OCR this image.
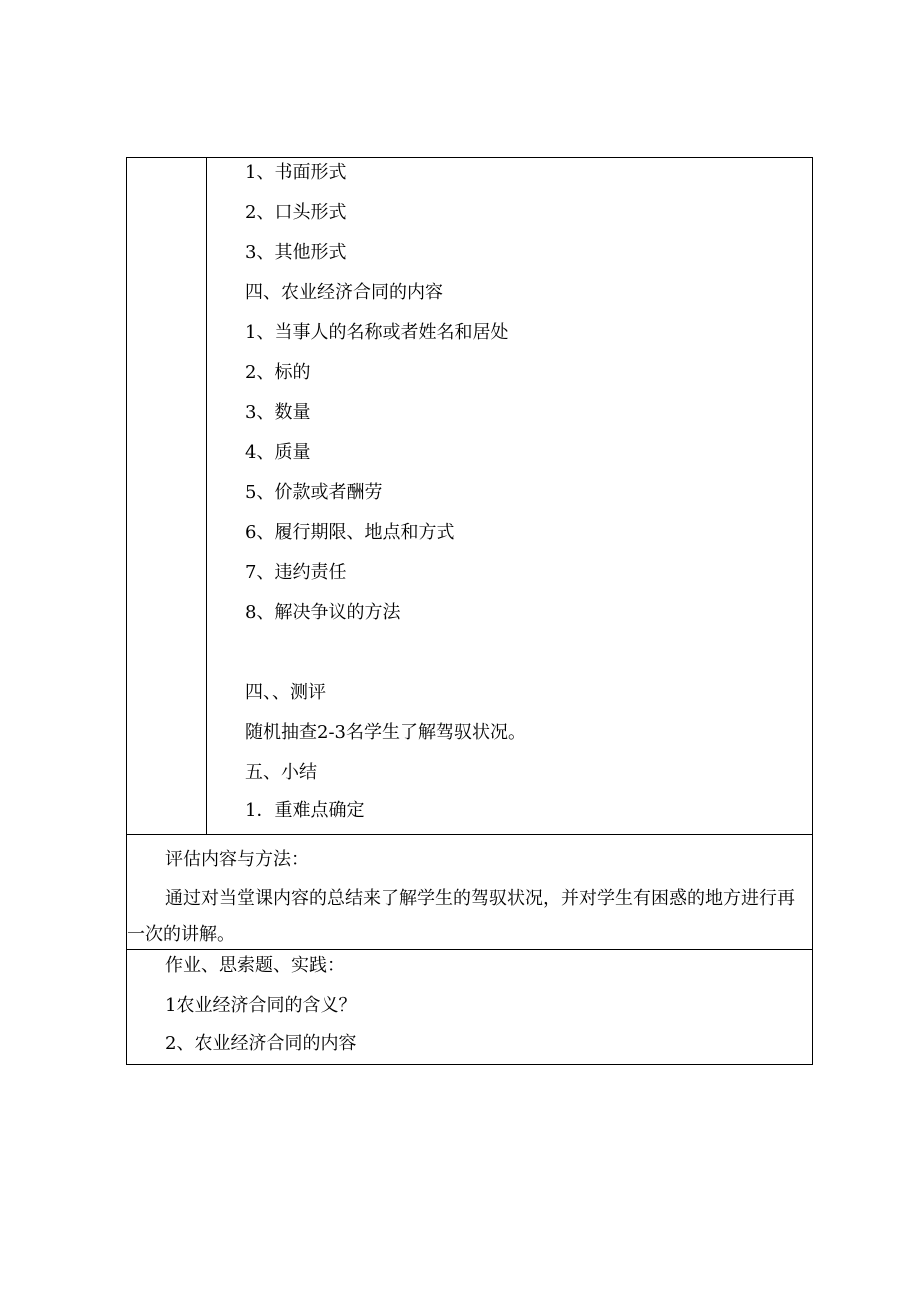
1、书面形式
2、口头形式
3、其他形式
四、农业经济合同的内容
1、当事人的名称或者姓名和居处
2、标的
3、数量
4、质量
5、价款或者酬劳
6、履行期限、地点和方式
7、违约责任
8、解决争议的方法
四、、测评
随机抽查2-3名学生了解驾驭状况。
五、小结
1．重难点确定
评估内容与方法：
通过对当堂课内容的总结来了解学生的驾驭状况，并对学生有困惑的地方进行再一次的讲解。
作业、思索题、实践：
1农业经济合同的含义？
2、农业经济合同的内容
